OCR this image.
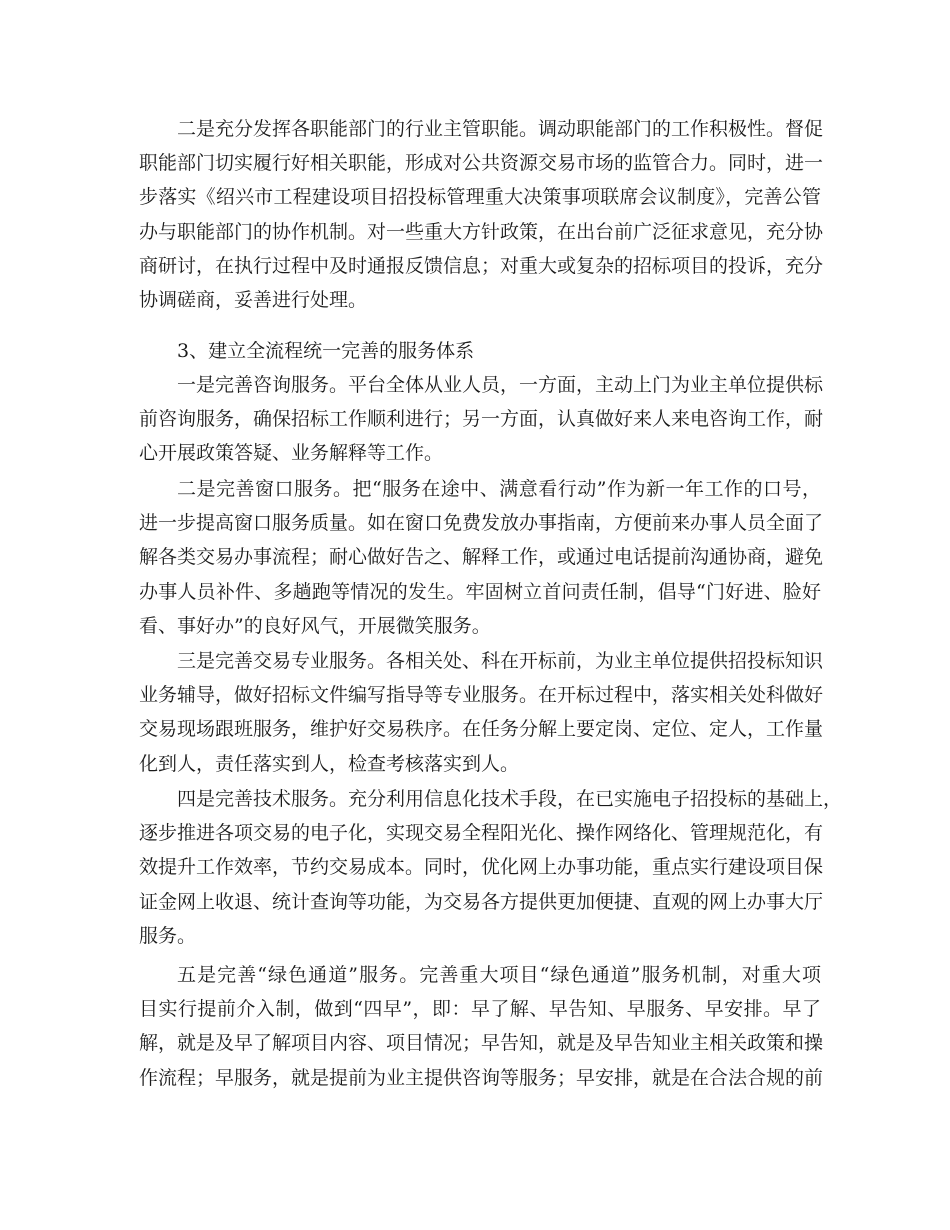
二是充分发挥各职能部门的行业主管职能。调动职能部门的工作积极性。督促
职能部门切实履行好相关职能，形成对公共资源交易市场的监管合力。同时，进一
步落实《绍兴市工程建设项目招投标管理重大决策事项联席会议制度》，完善公管
办与职能部门的协作机制。对一些重大方针政策，在出台前广泛征求意见，充分协
商研讨，在执行过程中及时通报反馈信息；对重大或复杂的招标项目的投诉，充分
协调磋商，妥善进行处理。
3、建立全流程统一完善的服务体系
一是完善咨询服务。平台全体从业人员，一方面，主动上门为业主单位提供标
前咨询服务，确保招标工作顺利进行；另一方面，认真做好来人来电咨询工作，耐
心开展政策答疑、业务解释等工作。
二是完善窗口服务。把“服务在途中、满意看行动”作为新一年工作的口号，
进一步提高窗口服务质量。如在窗口免费发放办事指南，方便前来办事人员全面了
解各类交易办事流程；耐心做好告之、解释工作，或通过电话提前沟通协商，避免
办事人员补件、多趟跑等情况的发生。牢固树立首问责任制，倡导“门好进、脸好
看、事好办”的良好风气，开展微笑服务。
三是完善交易专业服务。各相关处、科在开标前，为业主单位提供招投标知识
业务辅导，做好招标文件编写指导等专业服务。在开标过程中，落实相关处科做好
交易现场跟班服务，维护好交易秩序。在任务分解上要定岗、定位、定人，工作量
化到人，责任落实到人，检查考核落实到人。
四是完善技术服务。充分利用信息化技术手段，在已实施电子招投标的基础上，
逐步推进各项交易的电子化，实现交易全程阳光化、操作网络化、管理规范化，有
效提升工作效率，节约交易成本。同时，优化网上办事功能，重点实行建设项目保
证金网上收退、统计查询等功能，为交易各方提供更加便捷、直观的网上办事大厅
服务。
五是完善“绿色通道”服务。完善重大项目“绿色通道”服务机制，对重大项
目实行提前介入制，做到“四早”，即：早了解、早告知、早服务、早安排。早了
解，就是及早了解项目内容、项目情况；早告知，就是及早告知业主相关政策和操
作流程；早服务，就是提前为业主提供咨询等服务；早安排，就是在合法合规的前
